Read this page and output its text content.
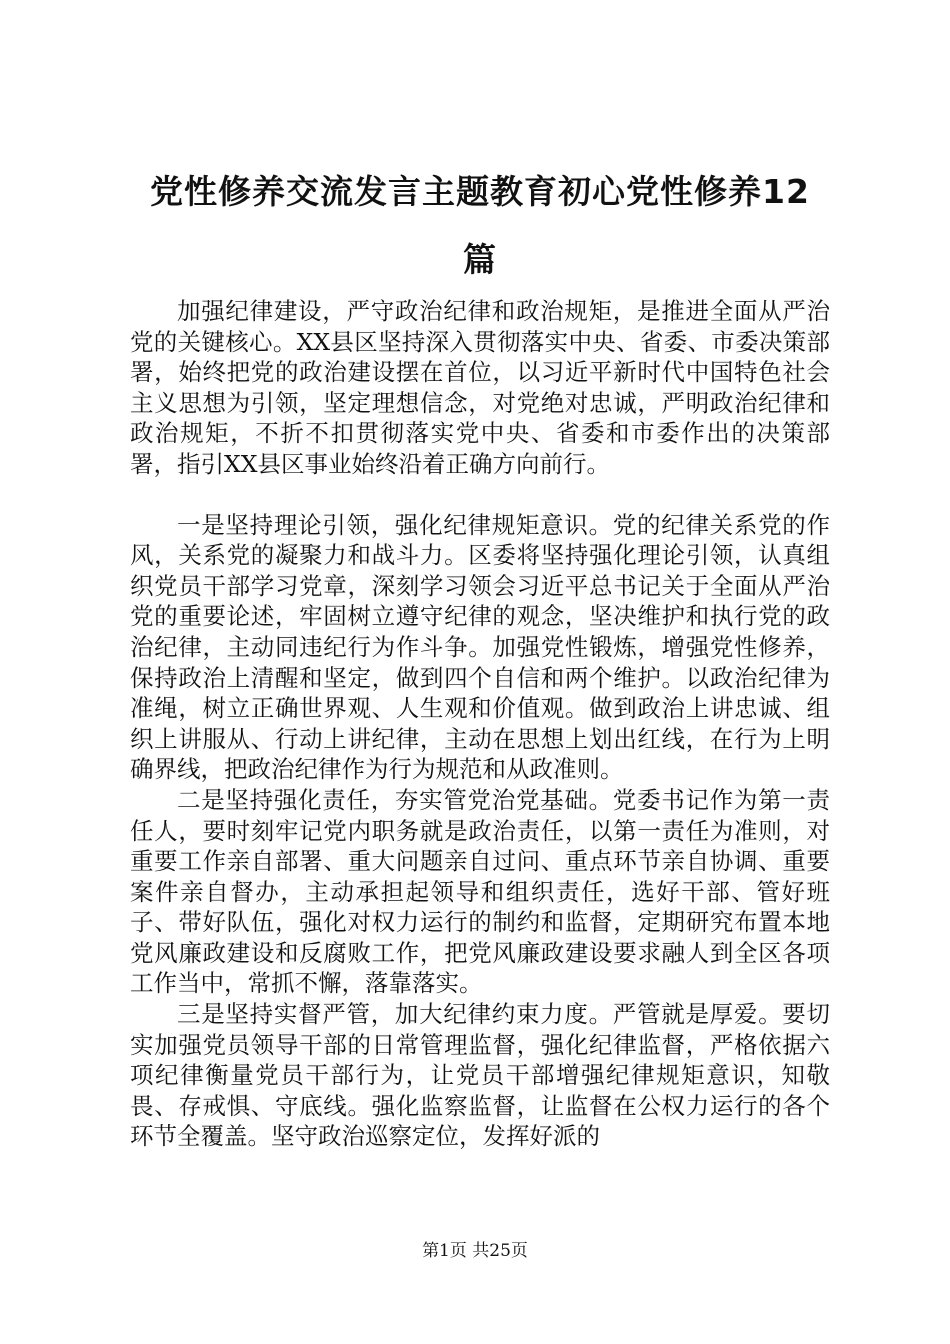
党性修养交流发言主题教育初心党性修养12
篇

加强纪律建设，严守政治纪律和政治规矩，是推进全面从严治党的关键核心。XX县区坚持深入贯彻落实中央、省委、市委决策部署，始终把党的政治建设摆在首位，以习近平新时代中国特色社会主义思想为引领，坚定理想信念，对党绝对忠诚，严明政治纪律和政治规矩，不折不扣贯彻落实党中央、省委和市委作出的决策部署，指引XX县区事业始终沿着正确方向前行。

一是坚持理论引领，强化纪律规矩意识。党的纪律关系党的作风，关系党的凝聚力和战斗力。区委将坚持强化理论引领，认真组织党员干部学习党章，深刻学习领会习近平总书记关于全面从严治党的重要论述，牢固树立遵守纪律的观念，坚决维护和执行党的政治纪律，主动同违纪行为作斗争。加强党性锻炼，增强党性修养，保持政治上清醒和坚定，做到四个自信和两个维护。以政治纪律为准绳，树立正确世界观、人生观和价值观。做到政治上讲忠诚、组织上讲服从、行动上讲纪律，主动在思想上划出红线，在行为上明确界线，把政治纪律作为行为规范和从政准则。

二是坚持强化责任，夯实管党治党基础。党委书记作为第一责任人，要时刻牢记党内职务就是政治责任，以第一责任为准则，对重要工作亲自部署、重大问题亲自过问、重点环节亲自协调、重要案件亲自督办，主动承担起领导和组织责任，选好干部、管好班子、带好队伍，强化对权力运行的制约和监督，定期研究布置本地党风廉政建设和反腐败工作，把党风廉政建设要求融人到全区各项工作当中，常抓不懈，落靠落实。

三是坚持实督严管，加大纪律约束力度。严管就是厚爱。要切实加强党员领导干部的日常管理监督，强化纪律监督，严格依据六项纪律衡量党员干部行为，让党员干部增强纪律规矩意识，知敬畏、存戒惧、守底线。强化监察监督，让监督在公权力运行的各个环节全覆盖。坚守政治巡察定位，发挥好派的

第1页 共25页
